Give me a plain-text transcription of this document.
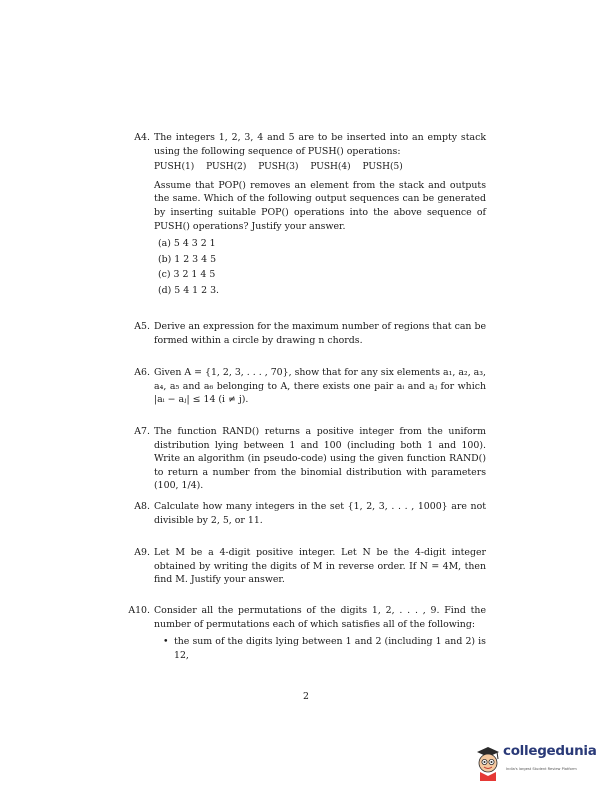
A4. The integers 1, 2, 3, 4 and 5 are to be inserted into an empty stack using the following sequence of PUSH() operations:

PUSH(1) PUSH(2) PUSH(3) PUSH(4) PUSH(5)

Assume that POP() removes an element from the stack and outputs the same. Which of the following output sequences can be generated by inserting suitable POP() operations into the above sequence of PUSH() operations? Justify your answer.

(a) 5 4 3 2 1
(b) 1 2 3 4 5
(c) 3 2 1 4 5
(d) 5 4 1 2 3.
A5. Derive an expression for the maximum number of regions that can be formed within a circle by drawing n chords.

A6. Given A = {1, 2, 3, . . . , 70}, show that for any six elements a₁, a₂, a₃, a₄, a₅ and a₆ belonging to A, there exists one pair aᵢ and aⱼ for which |aᵢ − aⱼ| ≤ 14 (i ≠ j).

A7. The function RAND() returns a positive integer from the uniform distribution lying between 1 and 100 (including both 1 and 100). Write an algorithm (in pseudo-code) using the given function RAND() to return a number from the binomial distribution with parameters (100, 1/4).

A8. Calculate how many integers in the set {1, 2, 3, . . . , 1000} are not divisible by 2, 5, or 11.

A9. Let M be a 4-digit positive integer. Let N be the 4-digit integer obtained by writing the digits of M in reverse order. If N = 4M, then find M. Justify your answer.

A10. Consider all the permutations of the digits 1, 2, . . . , 9. Find the number of permutations each of which satisfies all of the following:

• the sum of the digits lying between 1 and 2 (including 1 and 2) is 12,
2
collegedunia
India's largest Student Review Platform
